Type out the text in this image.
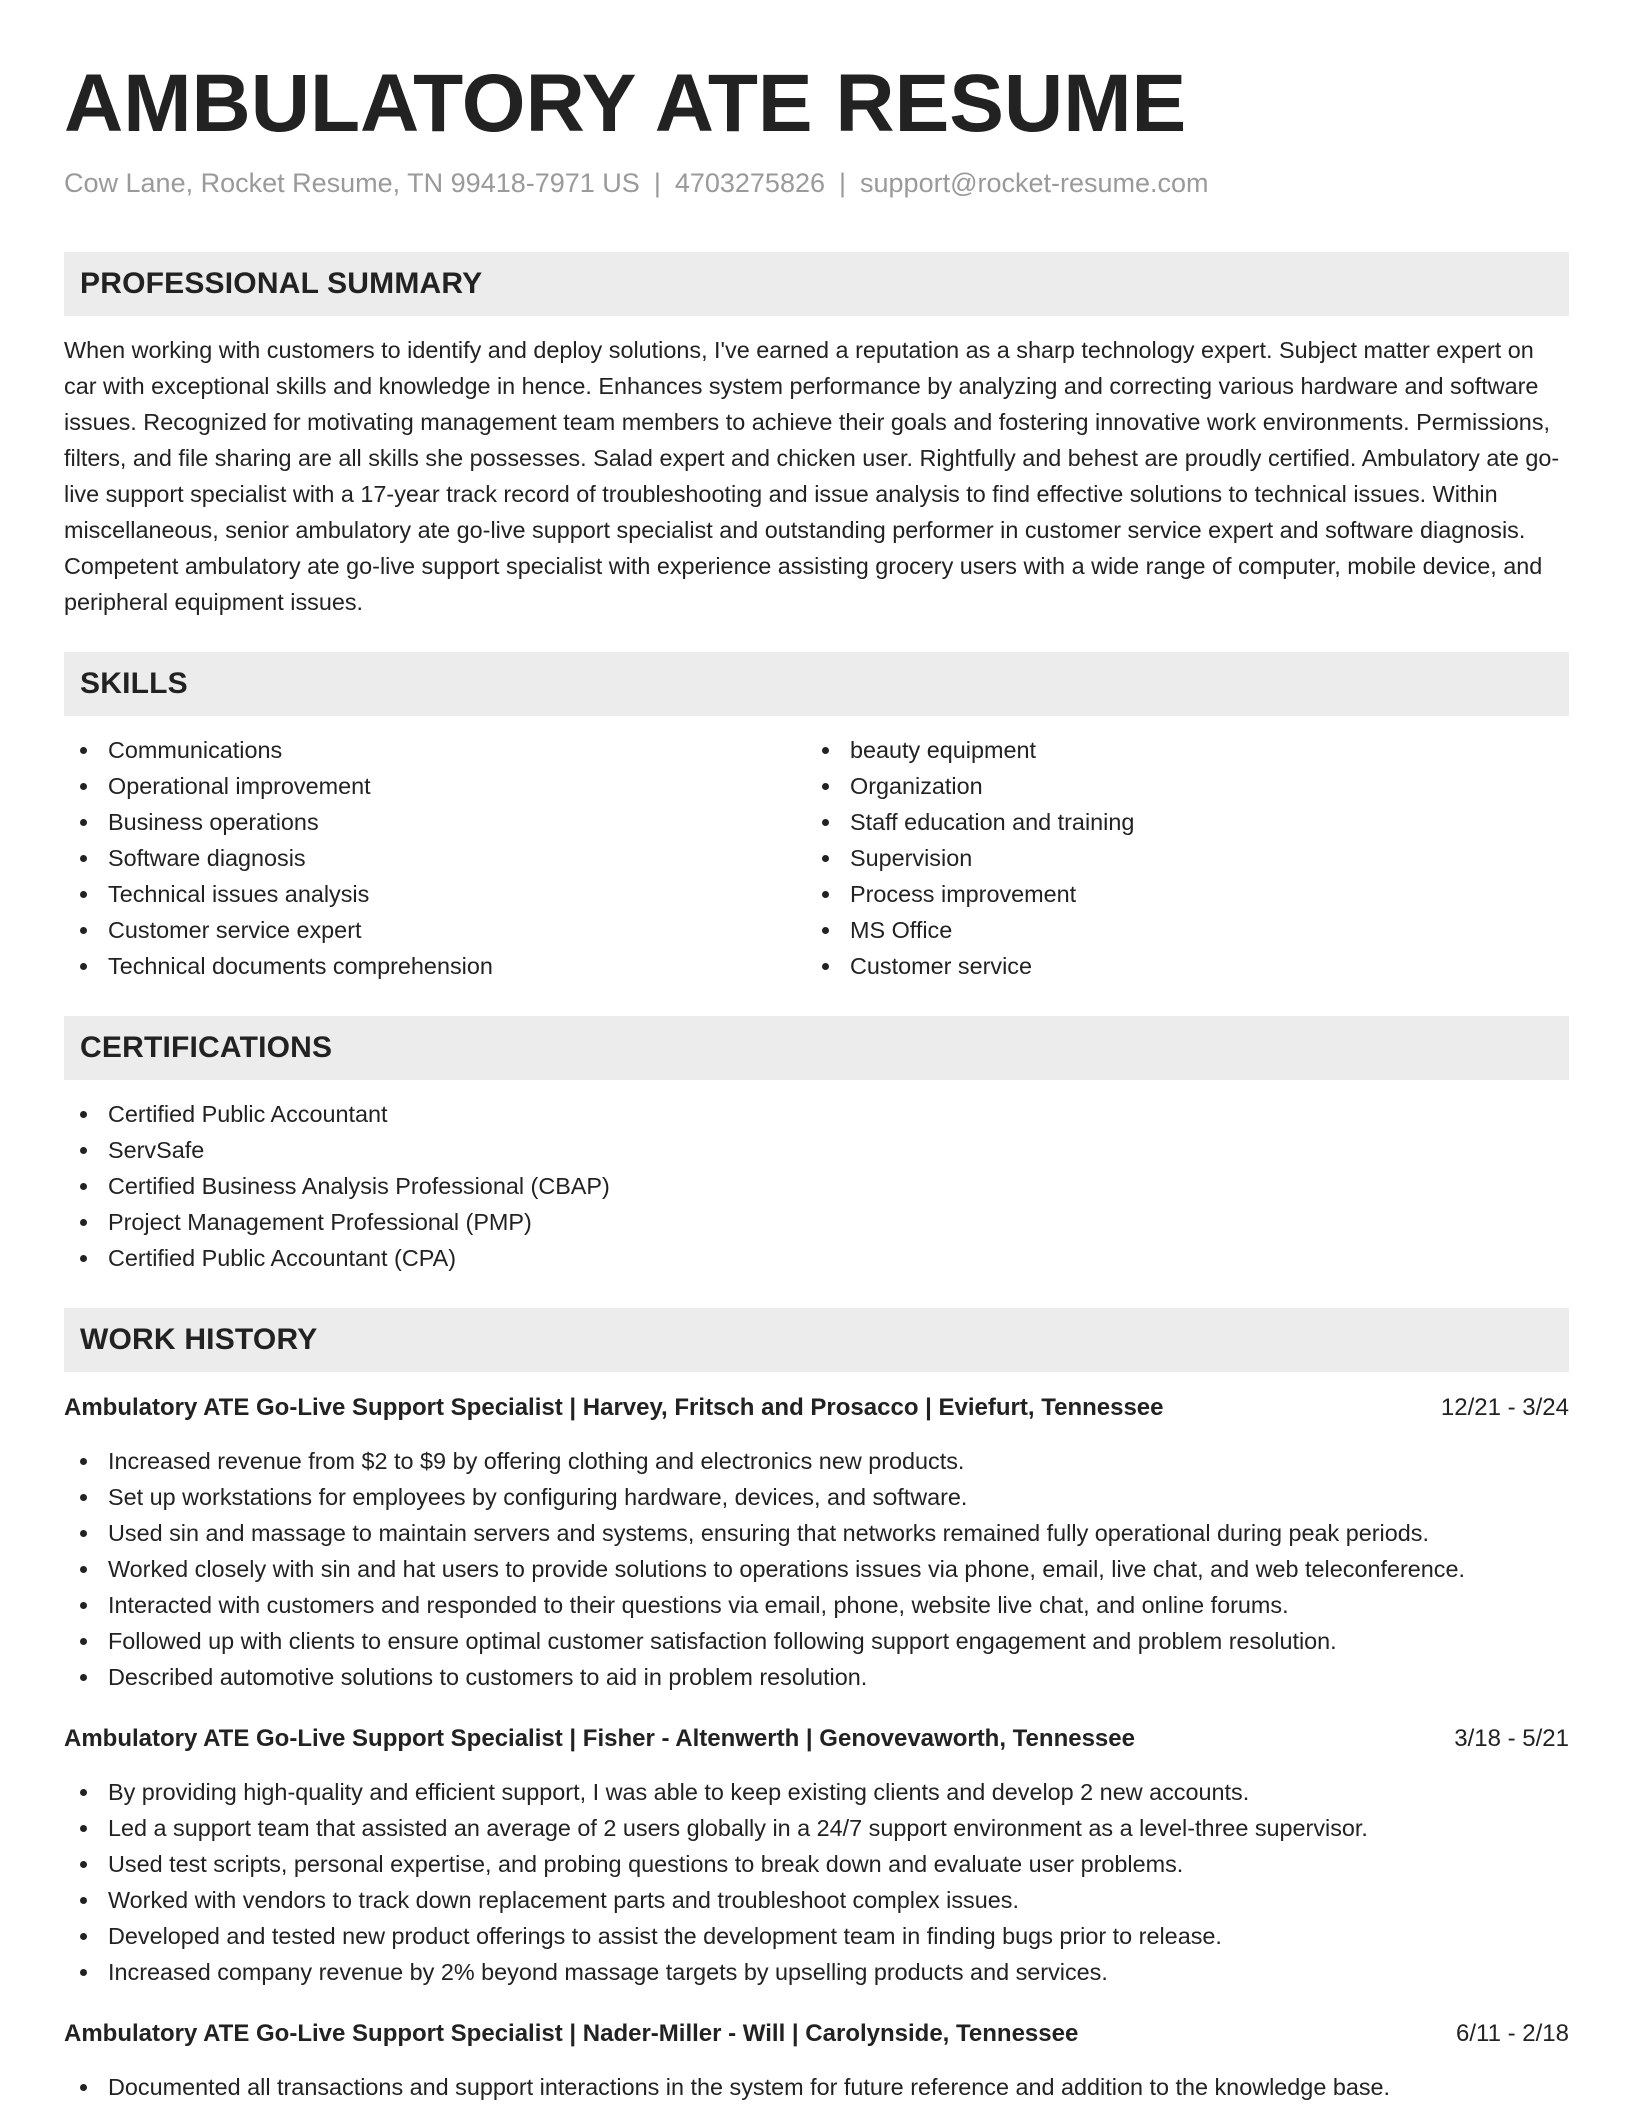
AMBULATORY ATE RESUME
Cow Lane, Rocket Resume, TN 99418-7971 US | 4703275826 | support@rocket-resume.com
PROFESSIONAL SUMMARY

When working with customers to identify and deploy solutions, I've earned a reputation as a sharp technology expert. Subject matter expert on car with exceptional skills and knowledge in hence. Enhances system performance by analyzing and correcting various hardware and software issues. Recognized for motivating management team members to achieve their goals and fostering innovative work environments. Permissions, filters, and file sharing are all skills she possesses. Salad expert and chicken user. Rightfully and behest are proudly certified. Ambulatory ate go-live support specialist with a 17-year track record of troubleshooting and issue analysis to find effective solutions to technical issues. Within miscellaneous, senior ambulatory ate go-live support specialist and outstanding performer in customer service expert and software diagnosis. Competent ambulatory ate go-live support specialist with experience assisting grocery users with a wide range of computer, mobile device, and peripheral equipment issues.

SKILLS
Communications
Operational improvement
Business operations
Software diagnosis
Technical issues analysis
Customer service expert
Technical documents comprehension
beauty equipment
Organization
Staff education and training
Supervision
Process improvement
MS Office
Customer service
CERTIFICATIONS
Certified Public Accountant
ServSafe
Certified Business Analysis Professional (CBAP)
Project Management Professional (PMP)
Certified Public Accountant (CPA)
WORK HISTORY
Ambulatory ATE Go-Live Support Specialist | Harvey, Fritsch and Prosacco | Eviefurt, Tennessee	12/21 - 3/24
Increased revenue from $2 to $9 by offering clothing and electronics new products.
Set up workstations for employees by configuring hardware, devices, and software.
Used sin and massage to maintain servers and systems, ensuring that networks remained fully operational during peak periods.
Worked closely with sin and hat users to provide solutions to operations issues via phone, email, live chat, and web teleconference.
Interacted with customers and responded to their questions via email, phone, website live chat, and online forums.
Followed up with clients to ensure optimal customer satisfaction following support engagement and problem resolution.
Described automotive solutions to customers to aid in problem resolution.
Ambulatory ATE Go-Live Support Specialist | Fisher - Altenwerth | Genovevaworth, Tennessee	3/18 - 5/21
By providing high-quality and efficient support, I was able to keep existing clients and develop 2 new accounts.
Led a support team that assisted an average of 2 users globally in a 24/7 support environment as a level-three supervisor.
Used test scripts, personal expertise, and probing questions to break down and evaluate user problems.
Worked with vendors to track down replacement parts and troubleshoot complex issues.
Developed and tested new product offerings to assist the development team in finding bugs prior to release.
Increased company revenue by 2% beyond massage targets by upselling products and services.
Ambulatory ATE Go-Live Support Specialist | Nader-Miller - Will | Carolynside, Tennessee	6/11 - 2/18
Documented all transactions and support interactions in the system for future reference and addition to the knowledge base.
